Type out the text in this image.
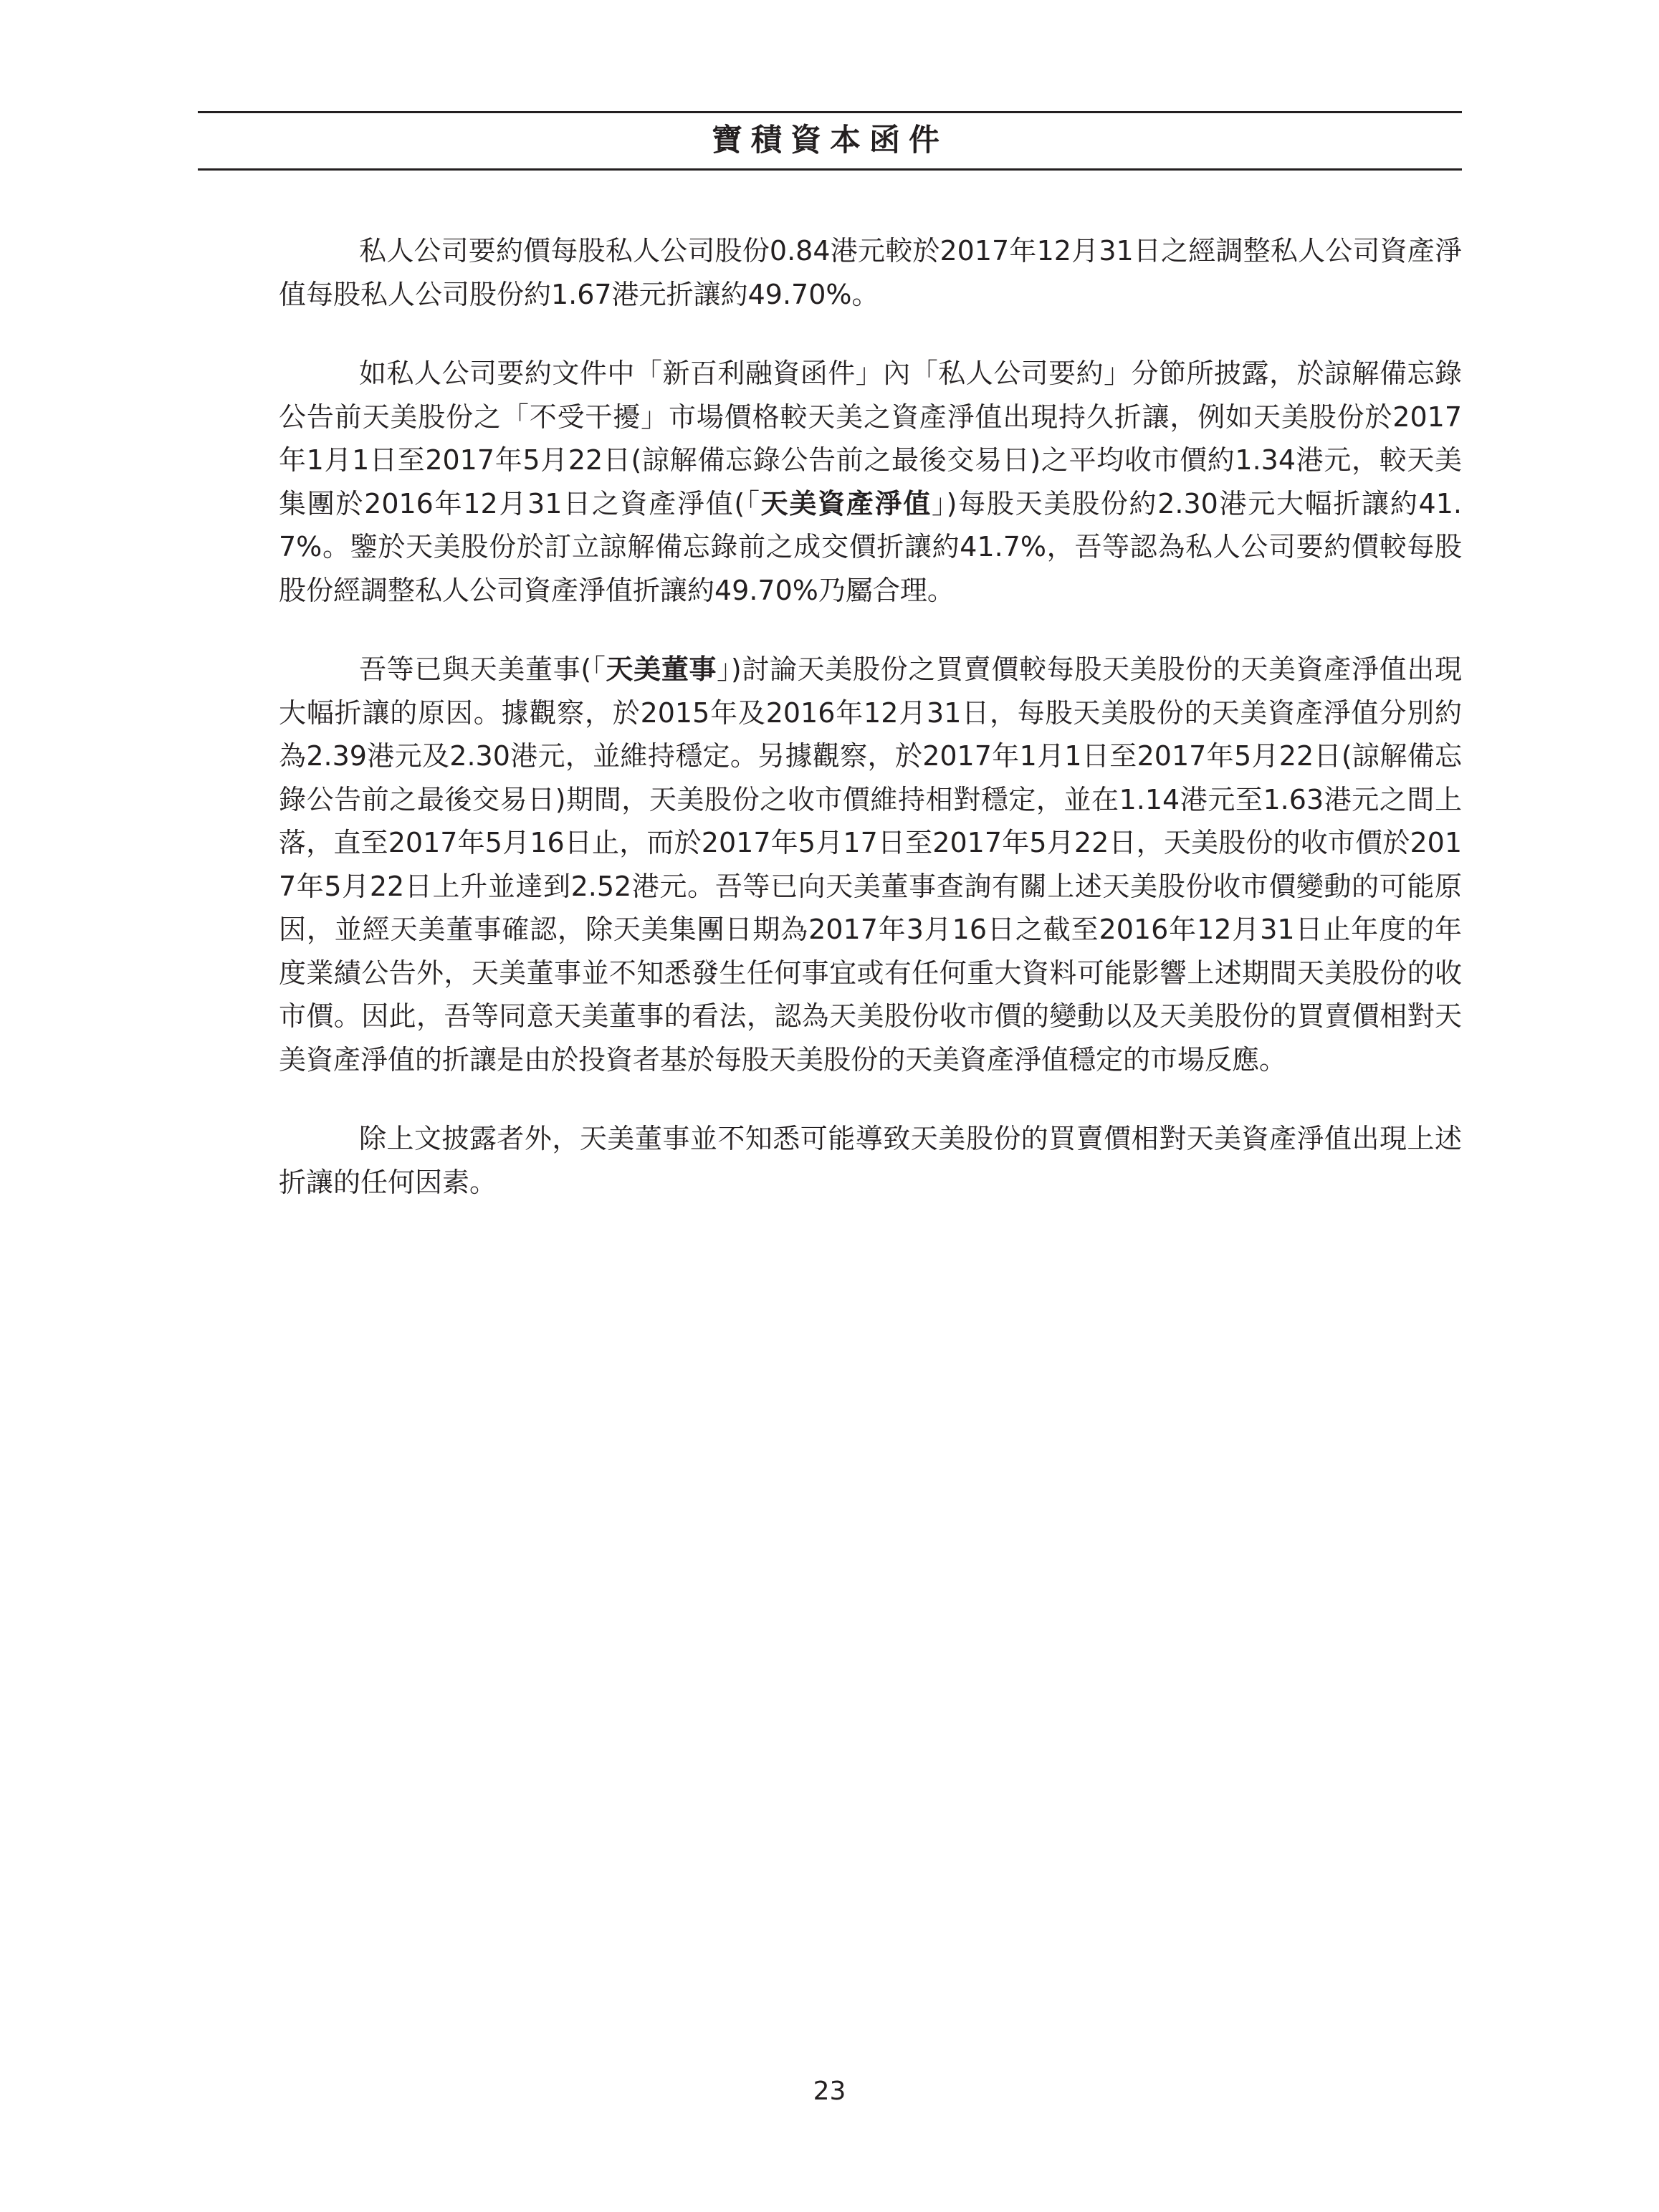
寶積資本函件

私人公司要約價每股私人公司股份0.84港元較於2017年12月31日之經調整私人公司資產淨值每股私人公司股份約1.67港元折讓約49.70%。

如私人公司要約文件中「新百利融資函件」內「私人公司要約」分節所披露，於諒解備忘錄公告前天美股份之「不受干擾」市場價格較天美之資產淨值出現持久折讓，例如天美股份於2017年1月1日至2017年5月22日(諒解備忘錄公告前之最後交易日)之平均收市價約1.34港元，較天美集團於2016年12月31日之資產淨值(「天美資產淨值」)每股天美股份約2.30港元大幅折讓約41.7%。鑒於天美股份於訂立諒解備忘錄前之成交價折讓約41.7%，吾等認為私人公司要約價較每股股份經調整私人公司資產淨值折讓約49.70%乃屬合理。

吾等已與天美董事(「天美董事」)討論天美股份之買賣價較每股天美股份的天美資產淨值出現大幅折讓的原因。據觀察，於2015年及2016年12月31日，每股天美股份的天美資產淨值分別約為2.39港元及2.30港元，並維持穩定。另據觀察，於2017年1月1日至2017年5月22日(諒解備忘錄公告前之最後交易日)期間，天美股份之收市價維持相對穩定，並在1.14港元至1.63港元之間上落，直至2017年5月16日止，而於2017年5月17日至2017年5月22日，天美股份的收市價於2017年5月22日上升並達到2.52港元。吾等已向天美董事查詢有關上述天美股份收市價變動的可能原因，並經天美董事確認，除天美集團日期為2017年3月16日之截至2016年12月31日止年度的年度業績公告外，天美董事並不知悉發生任何事宜或有任何重大資料可能影響上述期間天美股份的收市價。因此，吾等同意天美董事的看法，認為天美股份收市價的變動以及天美股份的買賣價相對天美資產淨值的折讓是由於投資者基於每股天美股份的天美資產淨值穩定的市場反應。

除上文披露者外，天美董事並不知悉可能導致天美股份的買賣價相對天美資產淨值出現上述折讓的任何因素。

23
